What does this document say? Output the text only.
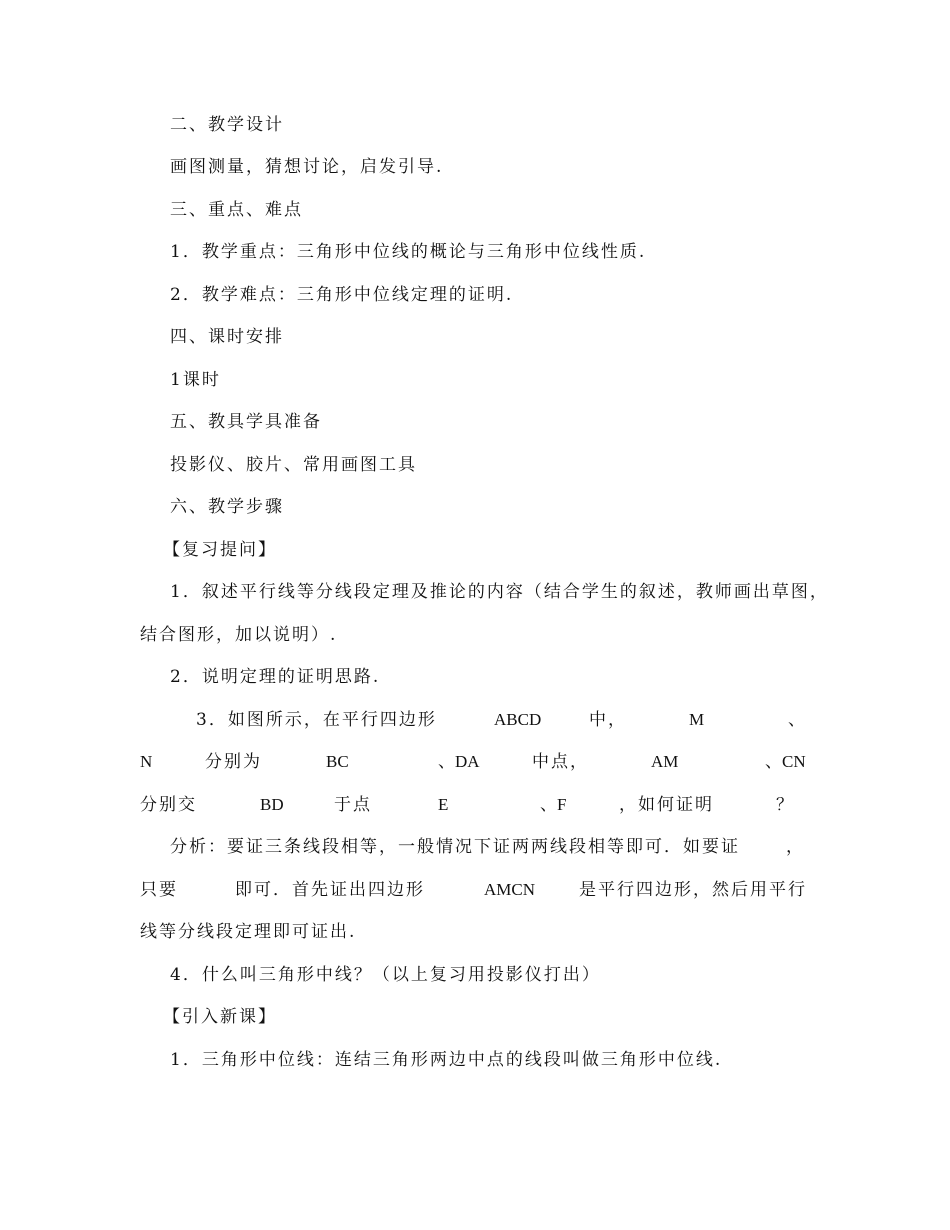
二、教学设计
画图测量，猜想讨论，启发引导.
三、重点、难点
1．教学重点：三角形中位线的概论与三角形中位线性质.
2．教学难点：三角形中位线定理的证明.
四、课时安排
1课时
五、教具学具准备
投影仪、胶片、常用画图工具
六、教学步骤
【复习提问】
1．叙述平行线等分线段定理及推论的内容（结合学生的叙述，教师画出草图，
结合图形，加以说明）.
2．说明定理的证明思路.
3．如图所示，在平行四边形	ABCD	中，	M	、
N	分别为	BC	、DA	中点，	AM	、CN
分别交	BD	于点	E	、F	，如何证明	？
分析：要证三条线段相等，一般情况下证两两线段相等即可．如要证	，
只要	即可．首先证出四边形	AMCN	是平行四边形，然后用平行
线等分线段定理即可证出.
4．什么叫三角形中线？（以上复习用投影仪打出）
【引入新课】
1．三角形中位线：连结三角形两边中点的线段叫做三角形中位线.
